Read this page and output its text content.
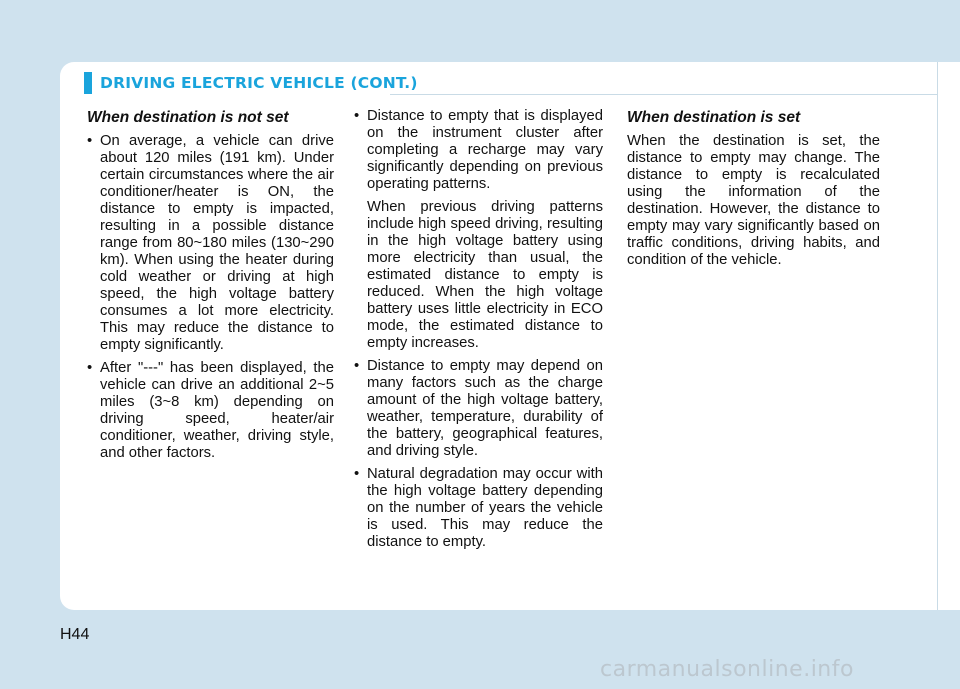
DRIVING ELECTRIC VEHICLE (CONT.)
When destination is not set
• On average, a vehicle can drive about 120 miles (191 km). Under certain circumstances where the air conditioner/heater is ON, the distance to empty is impacted, resulting in a possible distance range from 80~180 miles (130~290 km). When using the heater during cold weather or driving at high speed, the high voltage battery consumes a lot more electricity. This may reduce the distance to empty significantly.
• After "---" has been displayed, the vehicle can drive an additional 2~5 miles (3~8 km) depending on driving speed, heater/air conditioner, weather, driving style, and other factors.
• Distance to empty that is displayed on the instrument cluster after completing a recharge may vary significantly depending on previous operating patterns.

When previous driving patterns include high speed driving, resulting in the high voltage battery using more electricity than usual, the estimated distance to empty is reduced. When the high voltage battery uses little electricity in ECO mode, the estimated distance to empty increases.

• Distance to empty may depend on many factors such as the charge amount of the high voltage battery, weather, temperature, durability of the battery, geographical features, and driving style.
• Natural degradation may occur with the high voltage battery depending on the number of years the vehicle is used. This may reduce the distance to empty.
When destination is set

When the destination is set, the distance to empty may change. The distance to empty is recalculated using the information of the destination. However, the distance to empty may vary significantly based on traffic conditions, driving habits, and condition of the vehicle.

H44
carmanualsonline.info
